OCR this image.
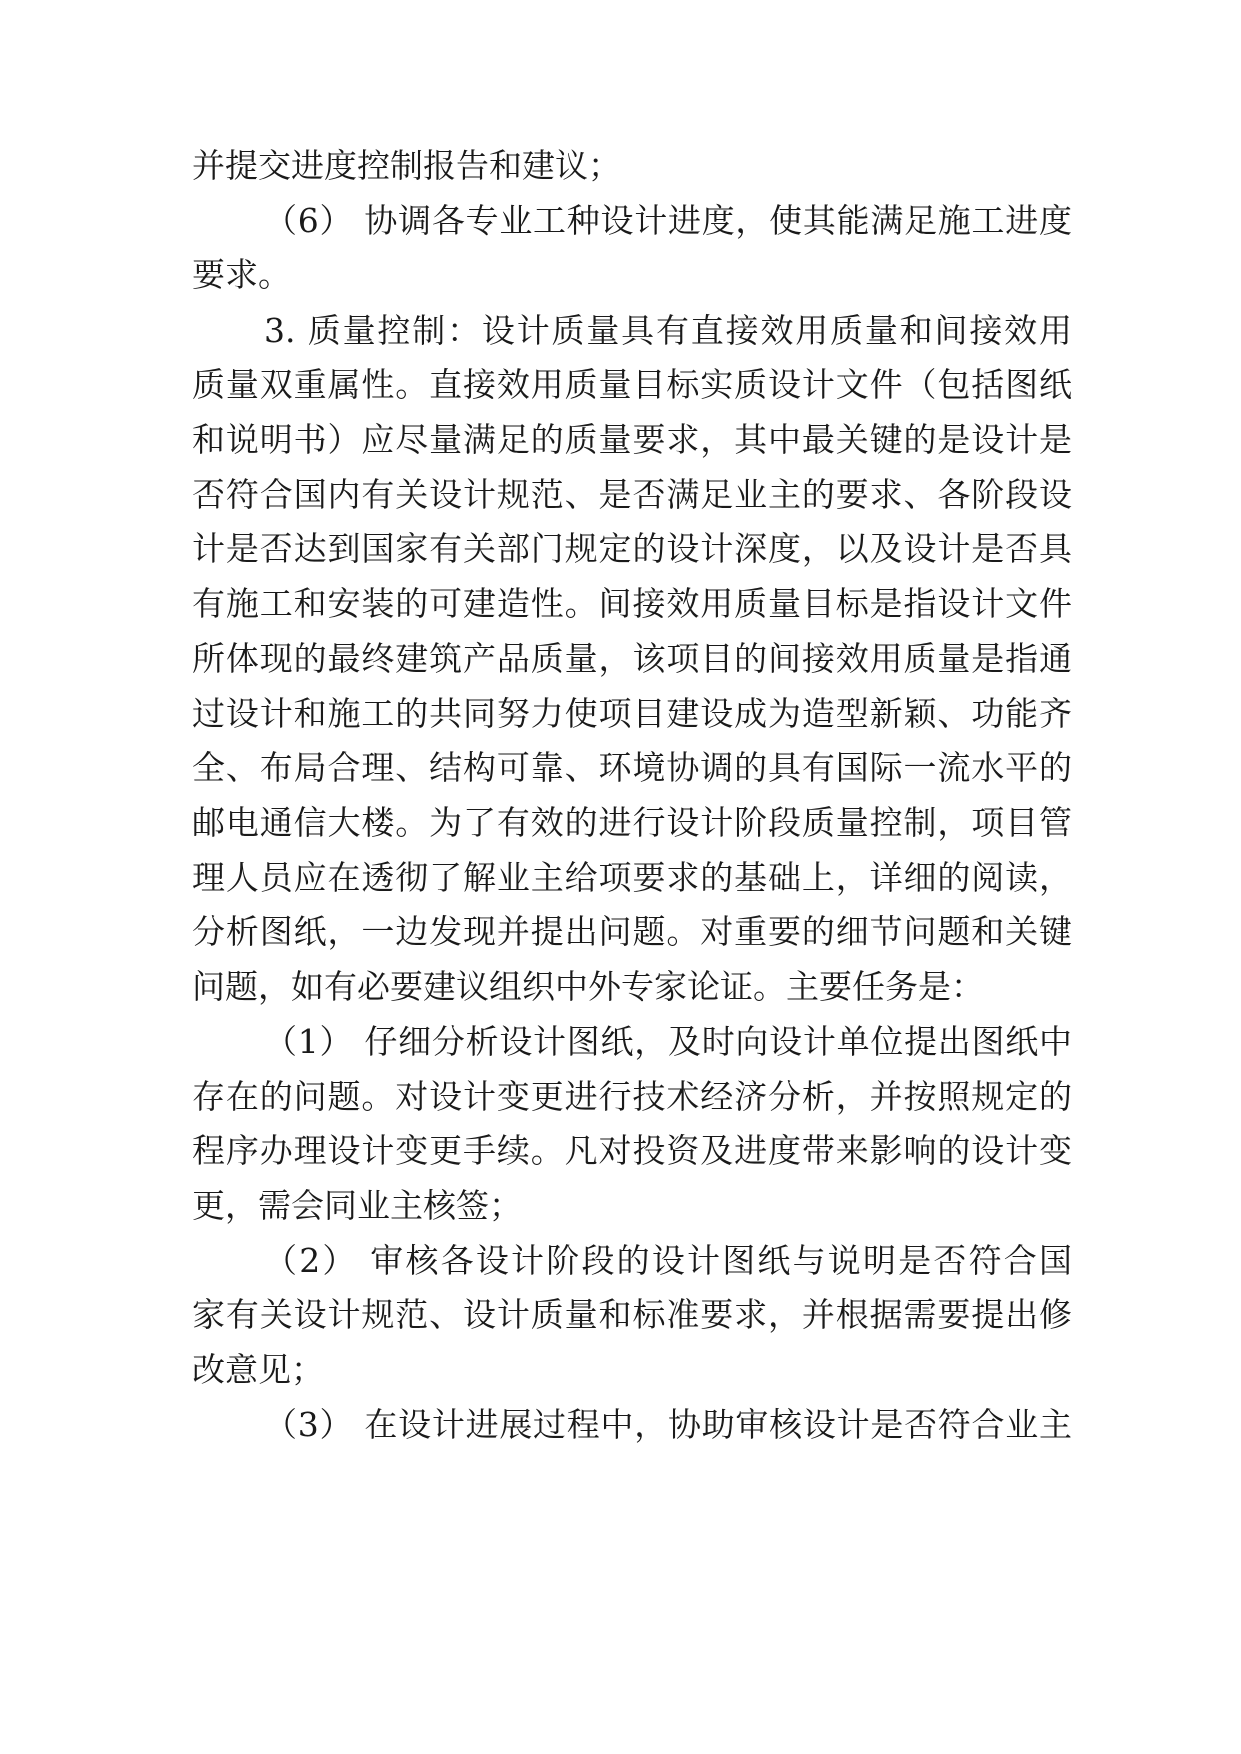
并提交进度控制报告和建议；
（6） 协调各专业工种设计进度，使其能满足施工进度
要求。
3. 质量控制：设计质量具有直接效用质量和间接效用
质量双重属性。直接效用质量目标实质设计文件（包括图纸
和说明书）应尽量满足的质量要求，其中最关键的是设计是
否符合国内有关设计规范、是否满足业主的要求、各阶段设
计是否达到国家有关部门规定的设计深度，以及设计是否具
有施工和安装的可建造性。间接效用质量目标是指设计文件
所体现的最终建筑产品质量，该项目的间接效用质量是指通
过设计和施工的共同努力使项目建设成为造型新颖、功能齐
全、布局合理、结构可靠、环境协调的具有国际一流水平的
邮电通信大楼。为了有效的进行设计阶段质量控制，项目管
理人员应在透彻了解业主给项要求的基础上，详细的阅读，
分析图纸，一边发现并提出问题。对重要的细节问题和关键
问题，如有必要建议组织中外专家论证。主要任务是：
（1） 仔细分析设计图纸，及时向设计单位提出图纸中
存在的问题。对设计变更进行技术经济分析，并按照规定的
程序办理设计变更手续。凡对投资及进度带来影响的设计变
更，需会同业主核签；
（2） 审核各设计阶段的设计图纸与说明是否符合国
家有关设计规范、设计质量和标准要求，并根据需要提出修
改意见；
（3） 在设计进展过程中，协助审核设计是否符合业主
